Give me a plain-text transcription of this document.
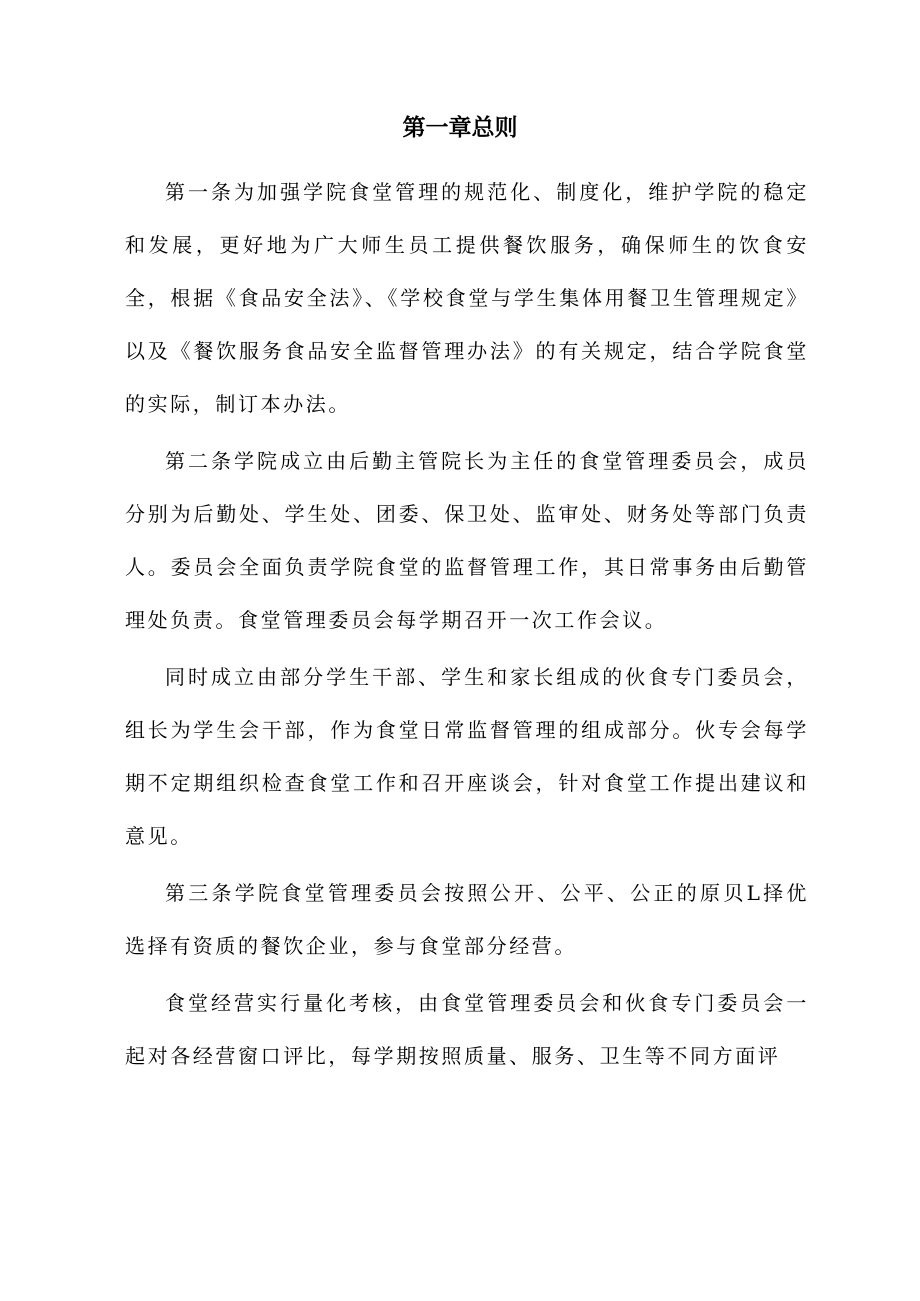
第一章总则

第一条为加强学院食堂管理的规范化、制度化，维护学院的稳定和发展，更好地为广大师生员工提供餐饮服务，确保师生的饮食安全，根据《食品安全法》、《学校食堂与学生集体用餐卫生管理规定》以及《餐饮服务食品安全监督管理办法》的有关规定，结合学院食堂的实际，制订本办法。

第二条学院成立由后勤主管院长为主任的食堂管理委员会，成员分别为后勤处、学生处、团委、保卫处、监审处、财务处等部门负责人。委员会全面负责学院食堂的监督管理工作，其日常事务由后勤管理处负责。食堂管理委员会每学期召开一次工作会议。

同时成立由部分学生干部、学生和家长组成的伙食专门委员会，组长为学生会干部，作为食堂日常监督管理的组成部分。伙专会每学期不定期组织检查食堂工作和召开座谈会，针对食堂工作提出建议和意见。

第三条学院食堂管理委员会按照公开、公平、公正的原贝L择优选择有资质的餐饮企业，参与食堂部分经营。

食堂经营实行量化考核，由食堂管理委员会和伙食专门委员会一起对各经营窗口评比，每学期按照质量、服务、卫生等不同方面评
